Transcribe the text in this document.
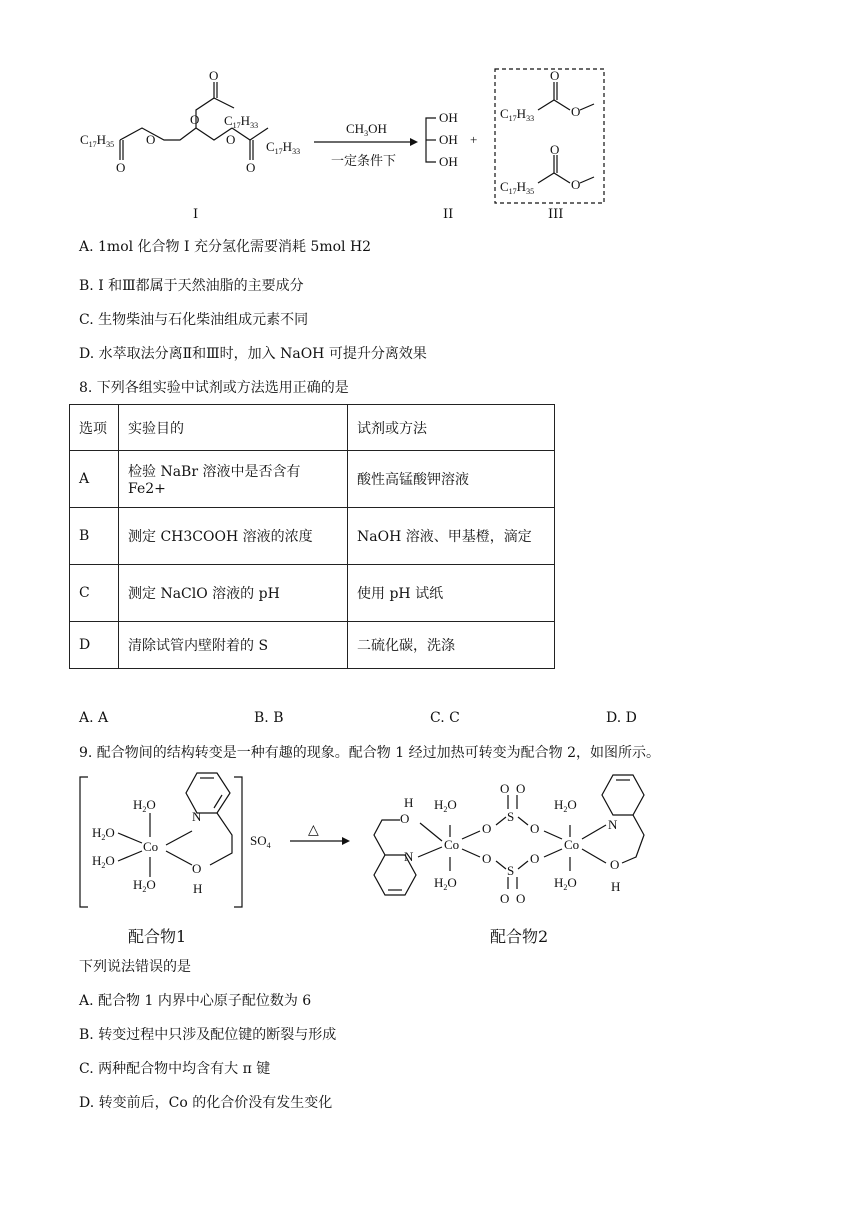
$C_{17}H_{35}$ O
O
O
O
$C_{17}H_{33}$
O
O
$C_{17}H_{33}$
$CH_3OH$
OH
OH
OH
+
$C_{17}H_{33}$
O
O
$C_{17}H_{35}$
O
O
一定条件下
I	II	III
A. 1mol 化合物 I 充分氢化需要消耗 5mol H2
B. I 和Ⅲ都属于天然油脂的主要成分
C. 生物柴油与石化柴油组成元素不同
D. 水萃取法分离Ⅱ和Ⅲ时，加入 NaOH 可提升分离效果
8. 下列各组实验中试剂或方法选用正确的是
选项	实验目的	试剂或方法
A	检验 NaBr 溶液中是否含有 Fe2+	酸性高锰酸钾溶液
B	测定 CH3COOH 溶液的浓度	NaOH 溶液、甲基橙，滴定
C	测定 NaClO 溶液的 pH	使用 pH 试纸
D	清除试管内壁附着的 S	二硫化碳，洗涤
A. A	B. B	C. C	D. D
9. 配合物间的结构转变是一种有趣的现象。配合物 1 经过加热可转变为配合物 2，如图所示。
$H_2O$
$H_2O$
$H_2O$
$H_2O$
Co
N
O
H
$SO_4$
H
O
N
$H_2O$
Co
$H_2O$
O
O
S
S
O O
O O
O
O
$H_2O$
Co
$H_2O$
N
O
H
△
配合物1	配合物2
下列说法错误的是
A. 配合物 1 内界中心原子配位数为 6
B. 转变过程中只涉及配位键的断裂与形成
C. 两种配合物中均含有大 π 键
D. 转变前后，Co 的化合价没有发生变化
